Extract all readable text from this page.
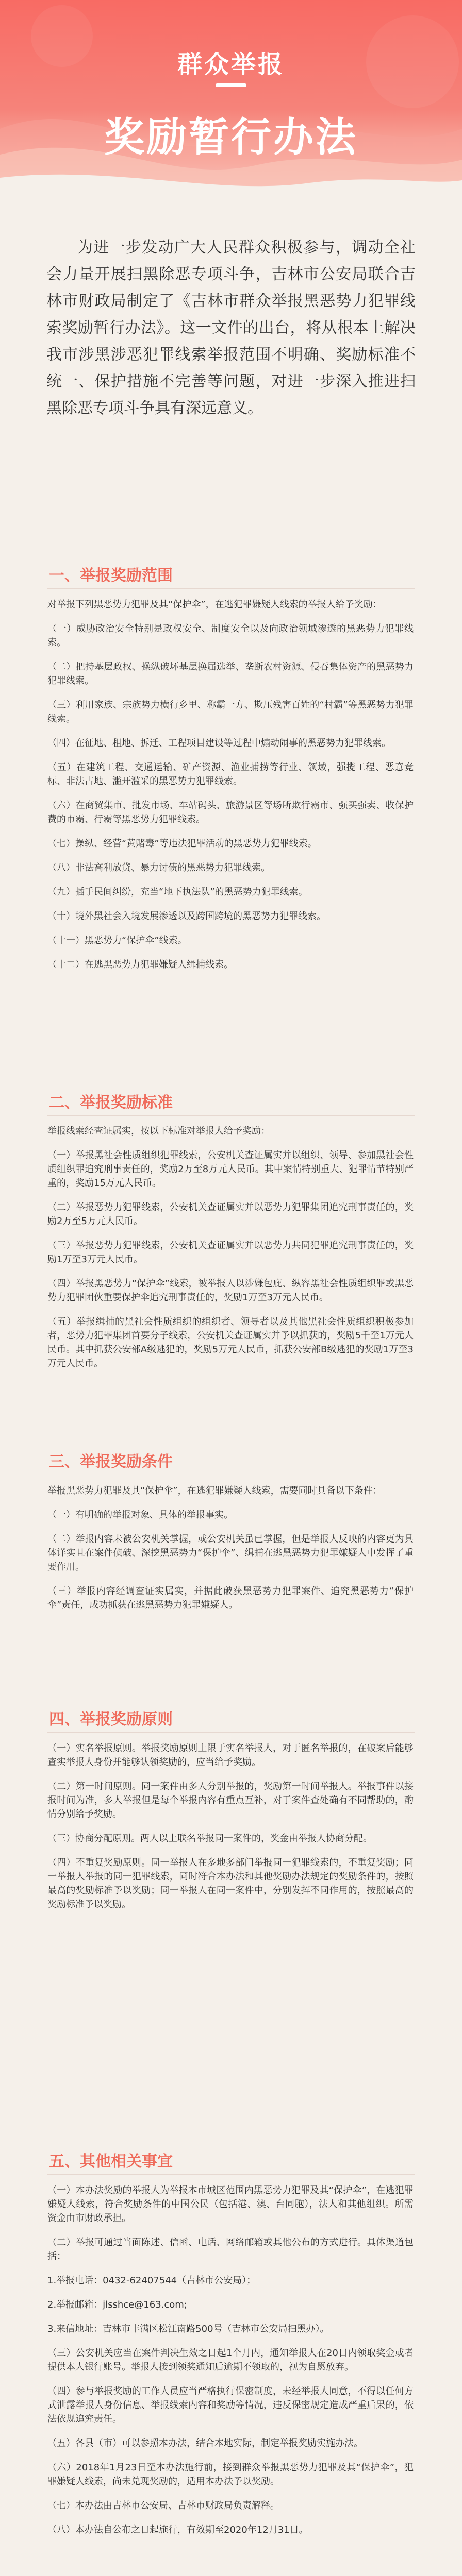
群众举报
奖励暂行办法
为进一步发动广大人民群众积极参与，调动全社会力量开展扫黑除恶专项斗争，吉林市公安局联合吉林市财政局制定了《吉林市群众举报黑恶势力犯罪线索奖励暂行办法》。这一文件的出台，将从根本上解决我市涉黑涉恶犯罪线索举报范围不明确、奖励标准不统一、保护措施不完善等问题，对进一步深入推进扫黑除恶专项斗争具有深远意义。
一、举报奖励范围

对举报下列黑恶势力犯罪及其“保护伞”，在逃犯罪嫌疑人线索的举报人给予奖励：

（一）威胁政治安全特别是政权安全、制度安全以及向政治领域渗透的黑恶势力犯罪线索。

（二）把持基层政权、操纵破坏基层换届选举、垄断农村资源、侵吞集体资产的黑恶势力犯罪线索。

（三）利用家族、宗族势力横行乡里、称霸一方、欺压残害百姓的“村霸”等黑恶势力犯罪线索。

（四）在征地、租地、拆迁、工程项目建设等过程中煽动闹事的黑恶势力犯罪线索。

（五）在建筑工程、交通运输、矿产资源、渔业捕捞等行业、领域，强揽工程、恶意竞标、非法占地、滥开滥采的黑恶势力犯罪线索。

（六）在商贸集市、批发市场、车站码头、旅游景区等场所欺行霸市、强买强卖、收保护费的市霸、行霸等黑恶势力犯罪线索。

（七）操纵、经营“黄赌毒”等违法犯罪活动的黑恶势力犯罪线索。

（八）非法高利放贷、暴力讨债的黑恶势力犯罪线索。

（九）插手民间纠纷，充当“地下执法队”的黑恶势力犯罪线索。

（十）境外黑社会入境发展渗透以及跨国跨境的黑恶势力犯罪线索。

（十一）黑恶势力“保护伞”线索。

（十二）在逃黑恶势力犯罪嫌疑人缉捕线索。

二、举报奖励标准

举报线索经查证属实，按以下标准对举报人给予奖励：

（一）举报黑社会性质组织犯罪线索，公安机关查证属实并以组织、领导、参加黑社会性质组织罪追究刑事责任的，奖励2万至8万元人民币。其中案情特别重大、犯罪情节特别严重的，奖励15万元人民币。

（二）举报恶势力犯罪线索，公安机关查证属实并以恶势力犯罪集团追究刑事责任的，奖励2万至5万元人民币。

（三）举报恶势力犯罪线索，公安机关查证属实并以恶势力共同犯罪追究刑事责任的，奖励1万至3万元人民币。

（四）举报黑恶势力“保护伞”线索，被举报人以涉嫌包庇、纵容黑社会性质组织罪或黑恶势力犯罪团伙重要保护伞追究刑事责任的，奖励1万至3万元人民币。

（五）举报缉捕的黑社会性质组织的组织者、领导者以及其他黑社会性质组织积极参加者，恶势力犯罪集团首要分子线索，公安机关查证属实并予以抓获的，奖励5千至1万元人民币。其中抓获公安部A级逃犯的，奖励5万元人民币，抓获公安部B级逃犯的奖励1万至3万元人民币。

三、举报奖励条件

举报黑恶势力犯罪及其“保护伞”，在逃犯罪嫌疑人线索，需要同时具备以下条件：

（一）有明确的举报对象、具体的举报事实。

（二）举报内容未被公安机关掌握，或公安机关虽已掌握，但是举报人反映的内容更为具体详实且在案件侦破、深挖黑恶势力“保护伞”、缉捕在逃黑恶势力犯罪嫌疑人中发挥了重要作用。

（三）举报内容经调查证实属实，并据此破获黑恶势力犯罪案件、追究黑恶势力“保护伞”责任，成功抓获在逃黑恶势力犯罪嫌疑人。

四、举报奖励原则

（一）实名举报原则。举报奖励原则上限于实名举报人，对于匿名举报的，在破案后能够查实举报人身份并能够认领奖励的，应当给予奖励。

（二）第一时间原则。同一案件由多人分别举报的，奖励第一时间举报人。举报事件以接报时间为准，多人举报但是每个举报内容有重点互补，对于案件查处确有不同帮助的，酌情分别给予奖励。

（三）协商分配原则。两人以上联名举报同一案件的，奖金由举报人协商分配。

（四）不重复奖励原则。同一举报人在多地多部门举报同一犯罪线索的，不重复奖励；同一举报人举报的同一犯罪线索，同时符合本办法和其他奖励办法规定的奖励条件的，按照最高的奖励标准予以奖励；同一举报人在同一案件中，分别发挥不同作用的，按照最高的奖励标准予以奖励。

五、其他相关事宜

（一）本办法奖励的举报人为举报本市城区范围内黑恶势力犯罪及其“保护伞”，在逃犯罪嫌疑人线索，符合奖励条件的中国公民（包括港、澳、台同胞），法人和其他组织。所需资金由市财政承担。

（二）举报可通过当面陈述、信函、电话、网络邮箱或其他公布的方式进行。具体渠道包括：

1.举报电话：0432-62407544（吉林市公安局）；

2.举报邮箱：jlsshce@163.com;

3.来信地址：吉林市丰满区松江南路500号（吉林市公安局扫黑办）。

（三）公安机关应当在案件判决生效之日起1个月内，通知举报人在20日内领取奖金或者提供本人银行账号。举报人接到领奖通知后逾期不领取的，视为自愿放弃。

（四）参与举报奖励的工作人员应当严格执行保密制度，未经举报人同意，不得以任何方式泄露举报人身份信息、举报线索内容和奖励等情况，违反保密规定造成严重后果的，依法依规追究责任。

（五）各县（市）可以参照本办法，结合本地实际，制定举报奖励实施办法。

（六）2018年1月23日至本办法施行前，接到群众举报黑恶势力犯罪及其“保护伞”，犯罪嫌疑人线索，尚未兑现奖励的，适用本办法予以奖励。

（七）本办法由吉林市公安局、吉林市财政局负责解释。

（八）本办法自公布之日起施行，有效期至2020年12月31日。
